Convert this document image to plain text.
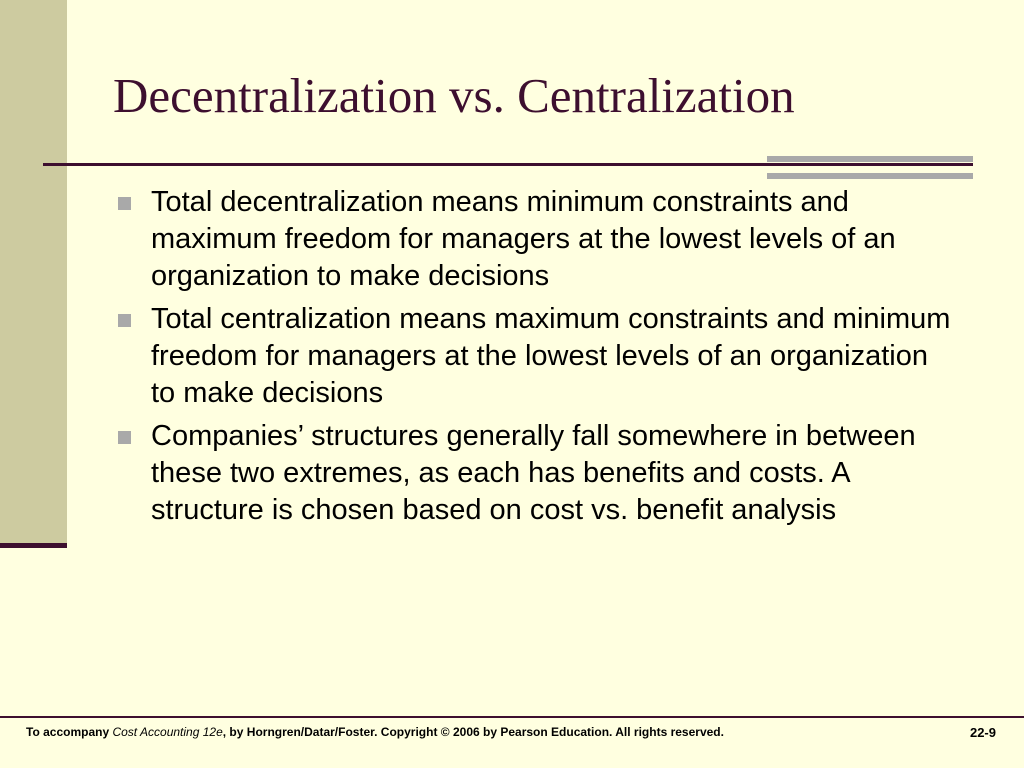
Decentralization vs. Centralization
Total decentralization means minimum constraints and maximum freedom for managers at the lowest levels of an organization to make decisions
Total centralization means maximum constraints and minimum freedom for managers at the lowest levels of an organization to make decisions
Companies’ structures generally fall somewhere in between these two extremes, as each has benefits and costs. A structure is chosen based on cost vs. benefit analysis
To accompany Cost Accounting 12e, by Horngren/Datar/Foster. Copyright © 2006 by Pearson Education. All rights reserved.	22-9
